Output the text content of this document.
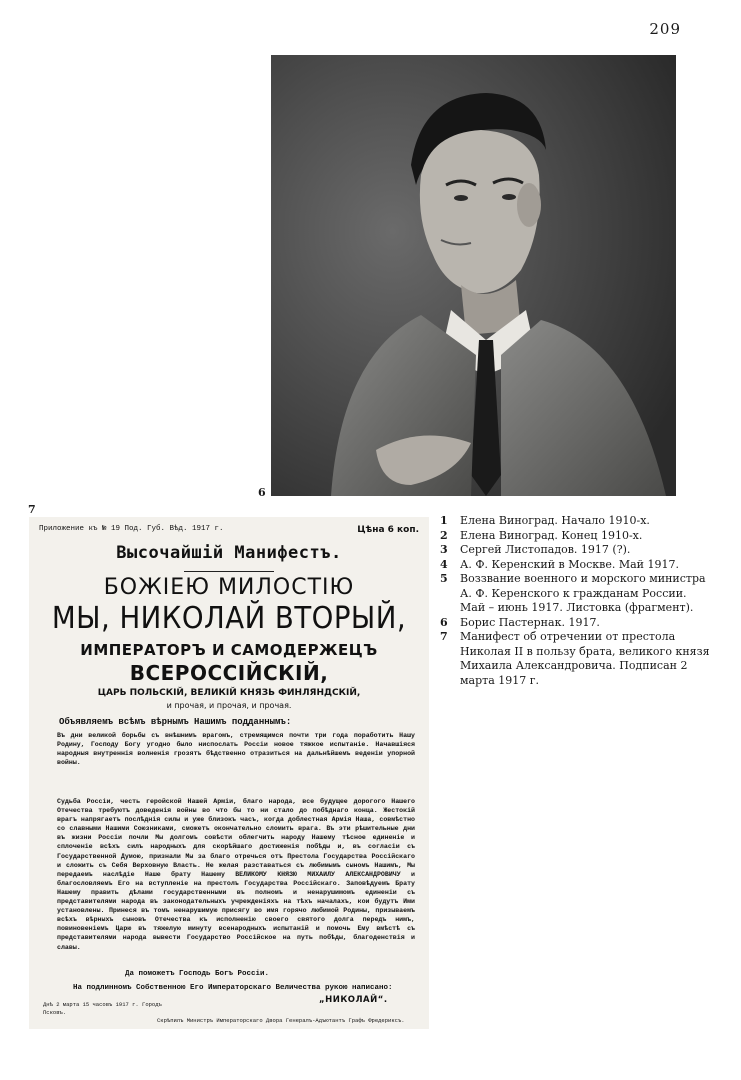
209
6
7
Приложение къ № 19 Под. Губ. Вѣд. 1917 г.	Цѣна 6 коп.
Высочайшій Манифестъ.
БОЖІЕЮ МИЛОСТІЮ
МЫ, НИКОЛАЙ ВТОРЫЙ,
ИМПЕРАТОРЪ И САМОДЕРЖЕЦЪ
ВСЕРОССІЙСКІЙ,
ЦАРЬ ПОЛЬСКІЙ, ВЕЛИКІЙ КНЯЗЬ ФИНЛЯНДСКІЙ,
и прочая, и прочая, и прочая.
Объявляемъ всѣмъ вѣрнымъ Нашимъ подданнымъ:
Въ дни великой борьбы съ внѣшнимъ врагомъ, стремящимся почти три года поработить Нашу Родину, Господу Богу угодно было ниспослать Россіи новое тяжкое испытаніе. Начавшіяся народныя внутреннія волненія грозятъ бѣдственно отразиться на дальнѣйшемъ веденіи упорной войны.
Судьба Россіи, честь геройской Нашей Арміи, благо народа, все будущее дорогого Нашего Отечества требуютъ доведенія войны во что бы то ни стало до побѣднаго конца. Жестокій врагъ напрягаетъ послѣднія силы и уже близокъ часъ, когда доблестная Армія Наша, совмѣстно со славными Нашими Союзниками, сможетъ окончательно сломить врага. Въ эти рѣшительные дни въ жизни Россіи почли Мы долгомъ совѣсти облегчить народу Нашему тѣсное единеніе и сплоченіе всѣхъ силъ народныхъ для скорѣйшаго достиженія побѣды и, въ согласіи съ Государственной Думою, признали Мы за благо отречься отъ Престола Государства Россійскаго и сложить съ Себя Верховную Власть. Не желая разставаться съ любимымъ сыномъ Нашимъ, Мы передаемъ наслѣдіе Наше брату Нашему ВЕЛИКОМУ КНЯЗЮ МИХАИЛУ АЛЕКСАНДРОВИЧУ и благословляемъ Его на вступленіе на престолъ Государства Россійскаго. Заповѣдуемъ Брату Нашему править дѣлами государственными въ полномъ и ненарушимомъ единеніи съ представителями народа въ законодательныхъ учрежденіяхъ на тѣхъ началахъ, кои будутъ Ими установлены. Принеся въ томъ ненарушимую присягу во имя горячо любимой Родины, призываемъ всѣхъ вѣрныхъ сыновъ Отечества къ исполненію своего святого долга передъ нимъ, повиновеніемъ Царю въ тяжелую минуту всенародныхъ испытаній и помочь Ему вмѣстѣ съ представителями народа вывести Государство Россійское на путь побѣды, благоденствія и славы.
Да поможетъ Господь Богъ Россіи.
На подлинномъ Собственною Его Императорскаго Величества рукою написано:
„НИКОЛАЙ“.
Днѣ 2 марта 15 часовъ 1917 г. Городъ Псковъ.
Скрѣпилъ Министръ Императорскаго Двора Генералъ-Адъютантъ Графъ Фредериксъ.
1	Елена Виноград. Начало 1910-х.
2	Елена Виноград. Конец 1910-х.
3	Сергей Листопадов. 1917 (?).
4	А. Ф. Керенский в Москве. Май 1917.
5	Воззвание военного и морского министра А. Ф. Керенского к гражданам России. Май – июнь 1917. Листовка (фрагмент).
6	Борис Пастернак. 1917.
7	Манифест об отречении от престола Николая II в пользу брата, великого князя Михаила Александровича. Подписан 2 марта 1917 г.
